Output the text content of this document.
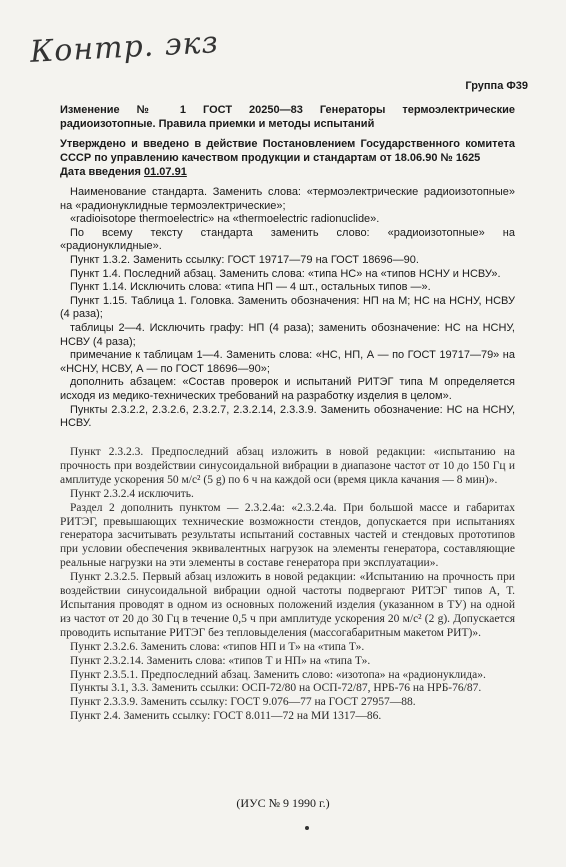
Контр. экз
Группа Ф39

Изменение № 1 ГОСТ 20250—83 Генераторы термоэлектрические радиоизотопные. Правила приемки и методы испытаний

Утверждено и введено в действие Постановлением Государственного комитета СССР по управлению качеством продукции и стандартам от 18.06.90 № 1625

Дата введения 01.07.91

Наименование стандарта. Заменить слова: «термоэлектрические радиоизотопные» на «радионуклидные термоэлектрические»;

«radioisotope thermoelectric» на «thermoelectric radionuclide».

По всему тексту стандарта заменить слово: «радиоизотопные» на «радионуклидные».

Пункт 1.3.2. Заменить ссылку: ГОСТ 19717—79 на ГОСТ 18696—90.

Пункт 1.4. Последний абзац. Заменить слова: «типа НС» на «типов НСНУ и НСВУ».

Пункт 1.14. Исключить слова: «типа НП — 4 шт., остальных типов —».

Пункт 1.15. Таблица 1. Головка. Заменить обозначения: НП на М; НС на НСНУ, НСВУ (4 раза);

таблицы 2—4. Исключить графу: НП (4 раза); заменить обозначение: НС на НСНУ, НСВУ (4 раза);

примечание к таблицам 1—4. Заменить слова: «НС, НП, А — по ГОСТ 19717—79» на «НСНУ, НСВУ, А — по ГОСТ 18696—90»;

дополнить абзацем: «Состав проверок и испытаний РИТЭГ типа М определяется исходя из медико-технических требований на разработку изделия в целом».

Пункты 2.3.2.2, 2.3.2.6, 2.3.2.7, 2.3.2.14, 2.3.3.9. Заменить обозначение: НС на НСНУ, НСВУ.

Пункт 2.3.2.3. Предпоследний абзац изложить в новой редакции: «испытанию на прочность при воздействии синусоидальной вибрации в диапазоне частот от 10 до 150 Гц и амплитуде ускорения 50 м/с² (5 g) по 6 ч на каждой оси (время цикла качания — 8 мин)».

Пункт 2.3.2.4 исключить.

Раздел 2 дополнить пунктом — 2.3.2.4а: «2.3.2.4а. При большой массе и габаритах РИТЭГ, превышающих технические возможности стендов, допускается при испытаниях генератора засчитывать результаты испытаний составных частей и стендовых прототипов при условии обеспечения эквивалентных нагрузок на элементы генератора, составляющие реальные нагрузки на эти элементы в составе генератора при эксплуатации».

Пункт 2.3.2.5. Первый абзац изложить в новой редакции: «Испытанию на прочность при воздействии синусоидальной вибрации одной частоты подвергают РИТЭГ типов А, Т. Испытания проводят в одном из основных положений изделия (указанном в ТУ) на одной из частот от 20 до 30 Гц в течение 0,5 ч при амплитуде ускорения 20 м/с² (2 g). Допускается проводить испытание РИТЭГ без тепловыделения (массогабаритным макетом РИТ)».

Пункт 2.3.2.6. Заменить слова: «типов НП и Т» на «типа Т».

Пункт 2.3.2.14. Заменить слова: «типов Т и НП» на «типа Т».

Пункт 2.3.5.1. Предпоследний абзац. Заменить слово: «изотопа» на «радионуклида».

Пункты 3.1, 3.3. Заменить ссылки: ОСП-72/80 на ОСП-72/87, НРБ-76 на НРБ-76/87.

Пункт 2.3.3.9. Заменить ссылку: ГОСТ 9.076—77 на ГОСТ 27957—88.

Пункт 2.4. Заменить ссылку: ГОСТ 8.011—72 на МИ 1317—86.

(ИУС № 9 1990 г.)
